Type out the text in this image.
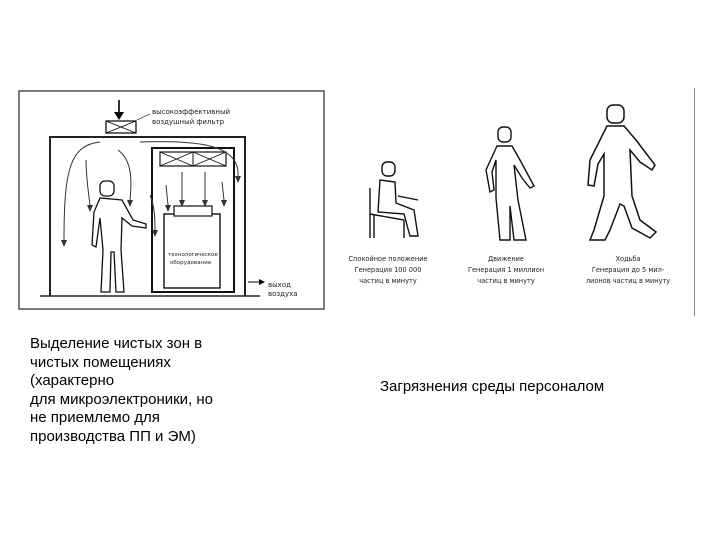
высокоэффективный
воздушный фильтр
технологическое
оборудование
технологическое
оборудование
выход
воздуха
Спокойное положение
Генерация 100 000
частиц в минуту
Движение
Генерация 1 миллион
частиц в минуту
Ходьба
Генерация до 5 мил-
лионов частиц в минуту
Выделение чистых зон в
чистых помещениях
(характерно
для микроэлектроники, но
не приемлемо для
производства ПП и ЭМ)
Загрязнения среды персоналом
